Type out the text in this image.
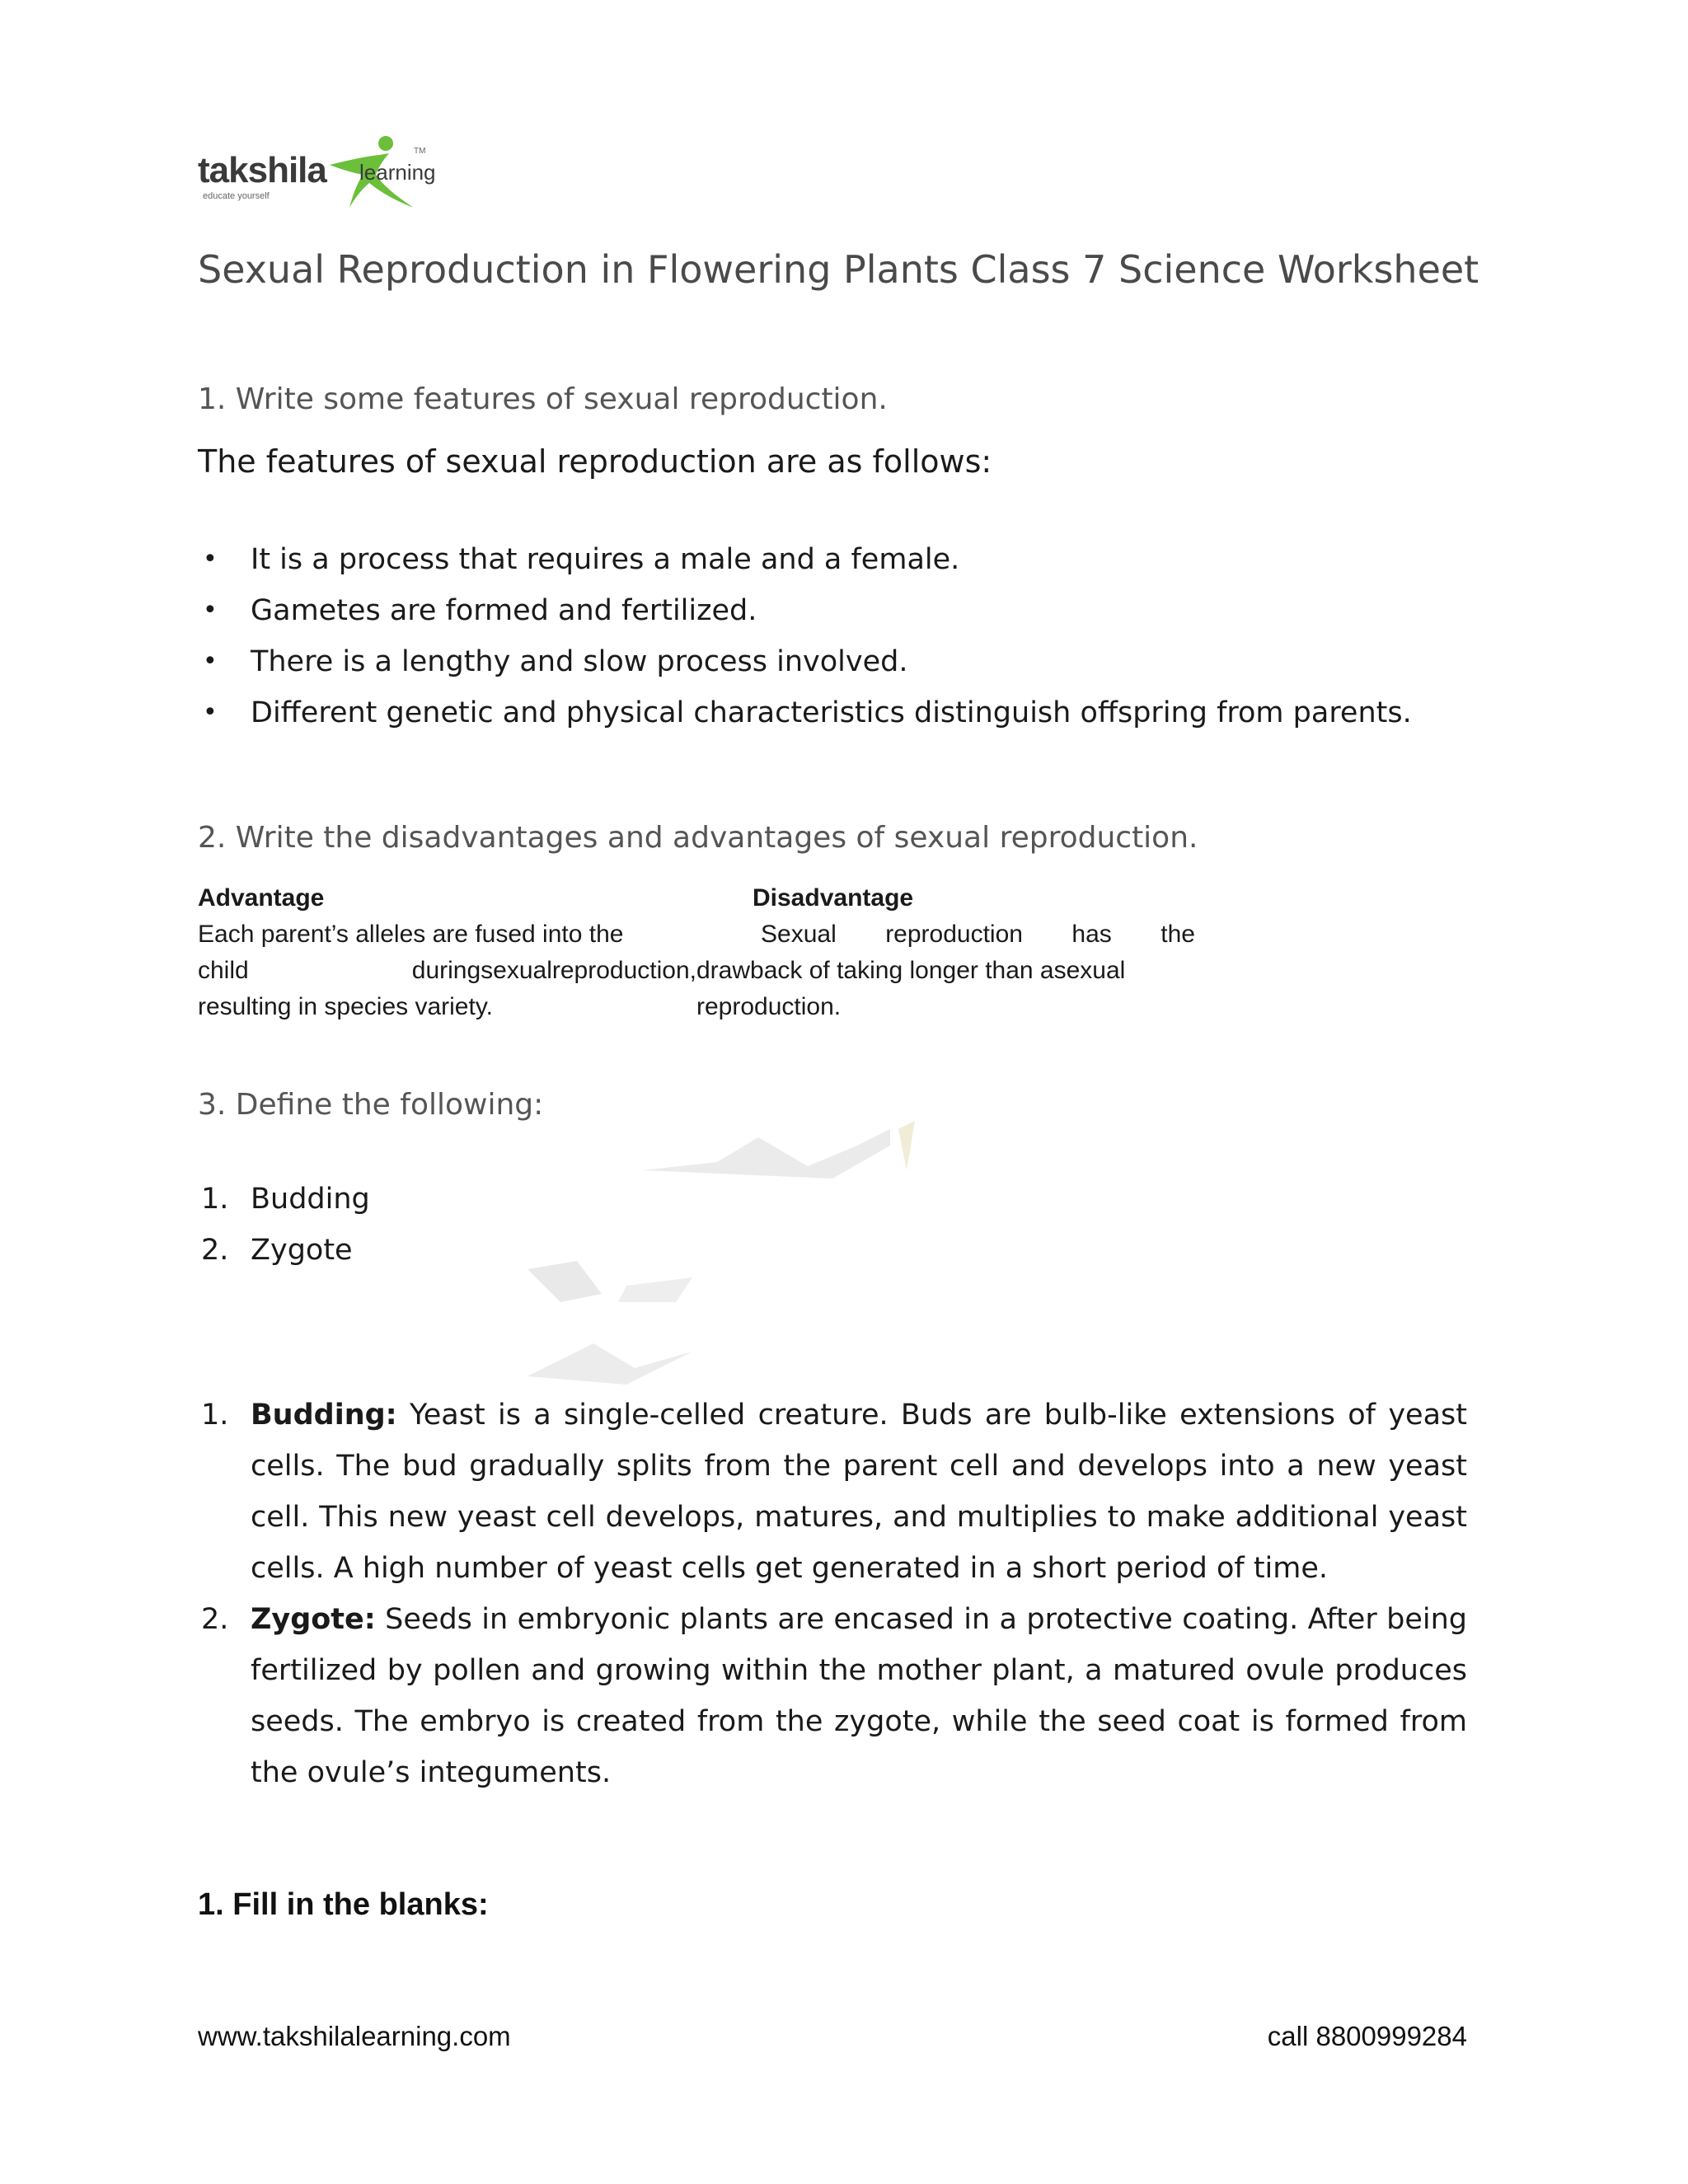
takshila learning
TM
educate yourself
Sexual Reproduction in Flowering Plants Class 7 Science Worksheet
1. Write some features of sexual reproduction.
The features of sexual reproduction are as follows:
• It is a process that requires a male and a female.
• Gametes are formed and fertilized.
• There is a lengthy and slow process involved.
• Different genetic and physical characteristics distinguish offspring from parents.
2. Write the disadvantages and advantages of sexual reproduction.
Advantage
Each parent’s alleles are fused into the
child	duringsexualreproduction,
resulting in species variety.
Disadvantage
Sexual reproduction has the
drawback of taking longer than asexual
reproduction.
3. Define the following:
1. Budding
2. Zygote
1. Budding: Yeast is a single-celled creature. Buds are bulb-like extensions of yeast cells. The bud gradually splits from the parent cell and develops into a new yeast cell. This new yeast cell develops, matures, and multiplies to make additional yeast cells. A high number of yeast cells get generated in a short period of time.
2. Zygote: Seeds in embryonic plants are encased in a protective coating. After being fertilized by pollen and growing within the mother plant, a matured ovule produces seeds. The embryo is created from the zygote, while the seed coat is formed from the ovule’s integuments.
1. Fill in the blanks:
www.takshilalearning.com	call 8800999284
